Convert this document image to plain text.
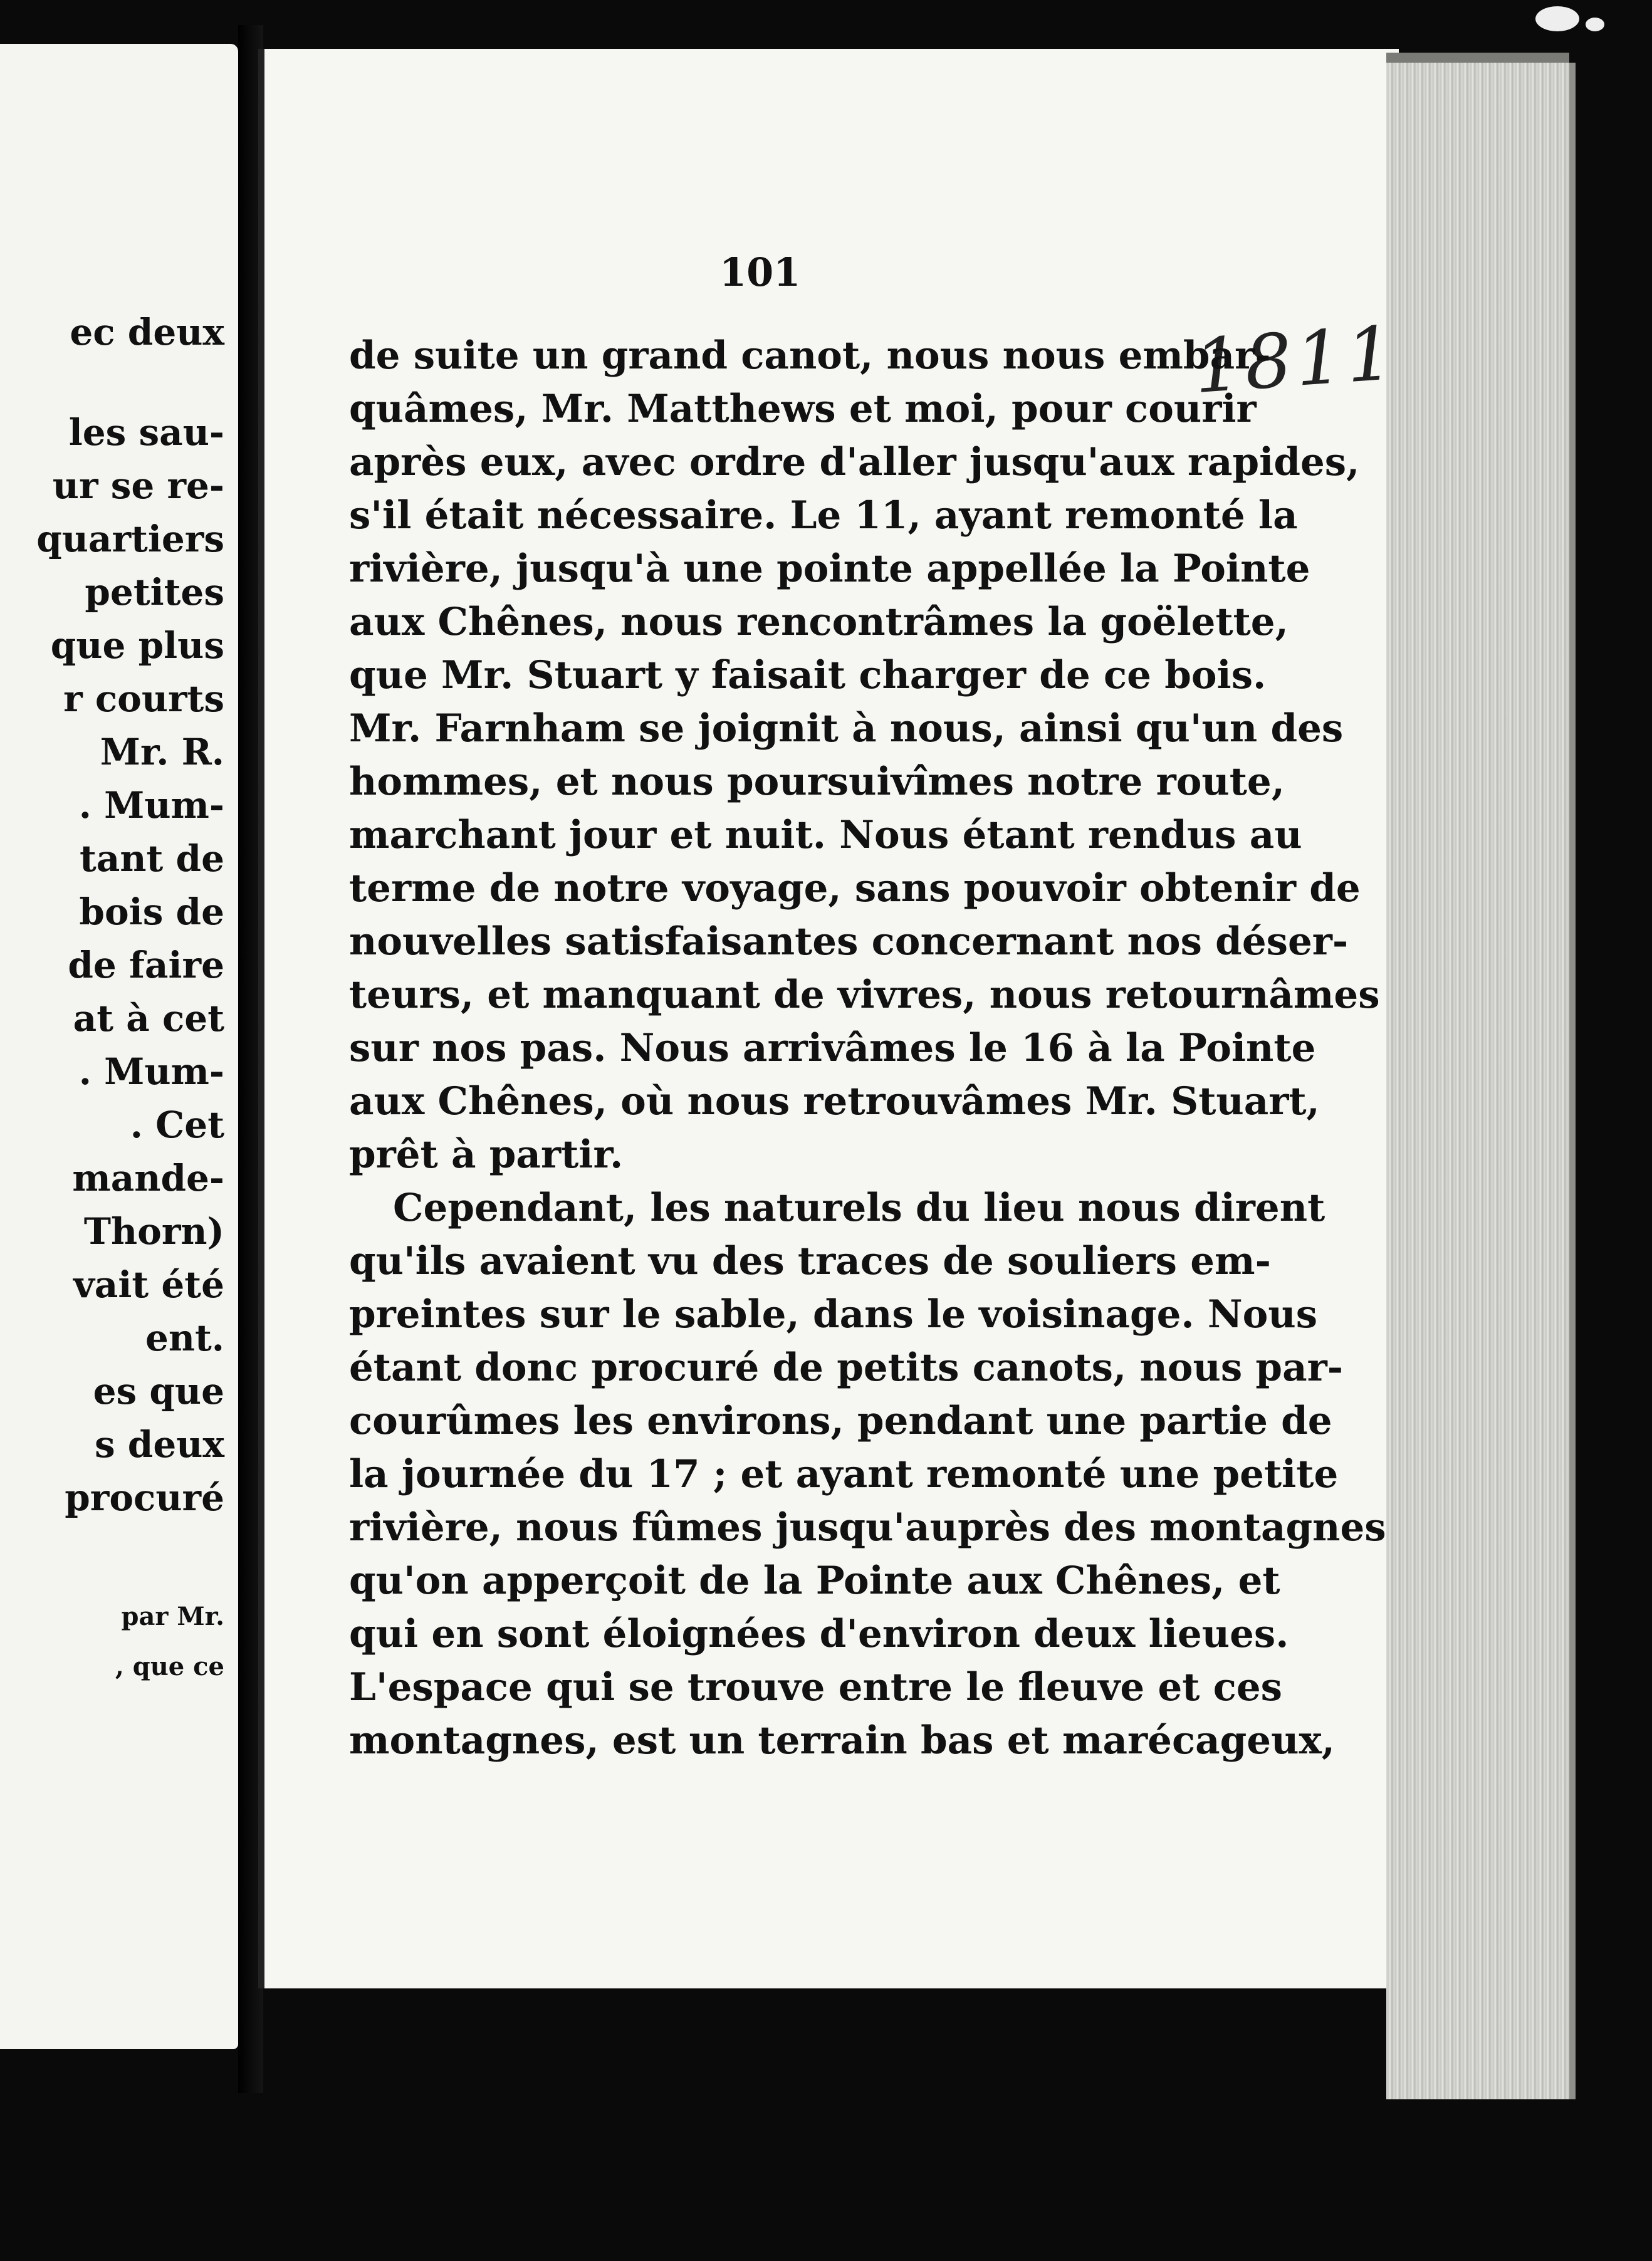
ec deux
les sau-
ur se re-
quartiers
petites
que plus
r courts
Mr. R.
. Mum-
tant de
bois de
de faire
at à cet
. Mum-
. Cet
mande-
Thorn)
vait été
ent.
es que
s deux
procuré
par Mr.
, que ce
101
1811
de suite un grand canot, nous nous embar-
quâmes, Mr. Matthews et moi, pour courir
après eux, avec ordre d'aller jusqu'aux rapides,
s'il était nécessaire. Le 11, ayant remonté la
rivière, jusqu'à une pointe appellée la Pointe
aux Chênes, nous rencontrâmes la goëlette,
que Mr. Stuart y faisait charger de ce bois.
Mr. Farnham se joignit à nous, ainsi qu'un des
hommes, et nous poursuivîmes notre route,
marchant jour et nuit. Nous étant rendus au
terme de notre voyage, sans pouvoir obtenir de
nouvelles satisfaisantes concernant nos déser-
teurs, et manquant de vivres, nous retournâmes
sur nos pas. Nous arrivâmes le 16 à la Pointe
aux Chênes, où nous retrouvâmes Mr. Stuart,
prêt à partir.
Cependant, les naturels du lieu nous dirent
qu'ils avaient vu des traces de souliers em-
preintes sur le sable, dans le voisinage. Nous
étant donc procuré de petits canots, nous par-
courûmes les environs, pendant une partie de
la journée du 17 ; et ayant remonté une petite
rivière, nous fûmes jusqu'auprès des montagnes
qu'on apperçoit de la Pointe aux Chênes, et
qui en sont éloignées d'environ deux lieues.
L'espace qui se trouve entre le fleuve et ces
montagnes, est un terrain bas et marécageux,
